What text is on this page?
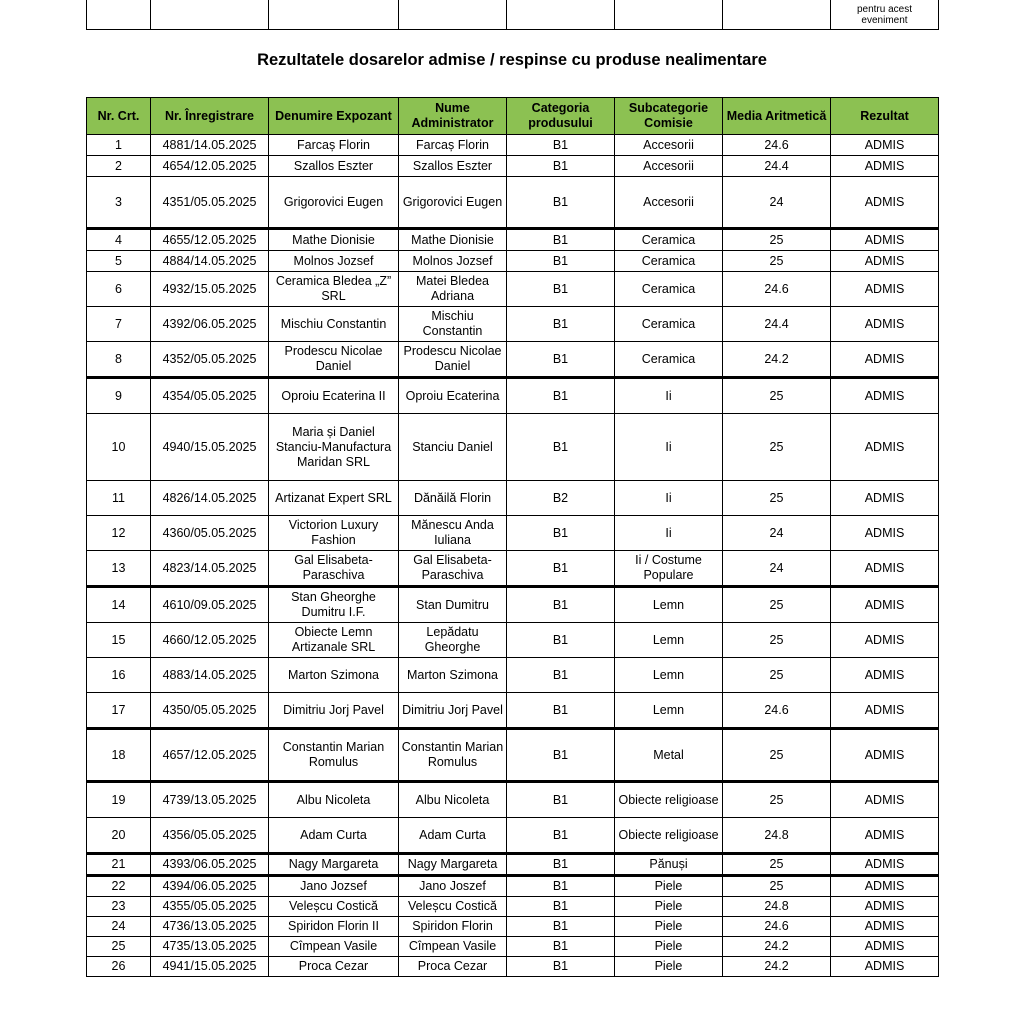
							pentru acest eveniment
Rezultatele dosarelor admise / respinse cu produse nealimentare
Nr. Crt.	Nr. Înregistrare	Denumire Expozant	Nume Administrator	Categoria produsului	Subcategorie Comisie	Media Aritmetică	Rezultat
1	4881/14.05.2025	Farcaș Florin	Farcaș Florin	B1	Accesorii	24.6	ADMIS
2	4654/12.05.2025	Szallos Eszter	Szallos Eszter	B1	Accesorii	24.4	ADMIS
3	4351/05.05.2025	Grigorovici Eugen	Grigorovici Eugen	B1	Accesorii	24	ADMIS
4	4655/12.05.2025	Mathe Dionisie	Mathe Dionisie	B1	Ceramica	25	ADMIS
5	4884/14.05.2025	Molnos Jozsef	Molnos Jozsef	B1	Ceramica	25	ADMIS
6	4932/15.05.2025	Ceramica Bledea „Z” SRL	Matei Bledea Adriana	B1	Ceramica	24.6	ADMIS
7	4392/06.05.2025	Mischiu Constantin	Mischiu Constantin	B1	Ceramica	24.4	ADMIS
8	4352/05.05.2025	Prodescu Nicolae Daniel	Prodescu Nicolae Daniel	B1	Ceramica	24.2	ADMIS
9	4354/05.05.2025	Oproiu Ecaterina II	Oproiu Ecaterina	B1	Ii	25	ADMIS
10	4940/15.05.2025	Maria și Daniel Stanciu-Manufactura Maridan SRL	Stanciu Daniel	B1	Ii	25	ADMIS
11	4826/14.05.2025	Artizanat Expert SRL	Dănăilă Florin	B2	Ii	25	ADMIS
12	4360/05.05.2025	Victorion Luxury Fashion	Mănescu Anda Iuliana	B1	Ii	24	ADMIS
13	4823/14.05.2025	Gal Elisabeta-Paraschiva	Gal Elisabeta-Paraschiva	B1	Ii / Costume Populare	24	ADMIS
14	4610/09.05.2025	Stan Gheorghe Dumitru I.F.	Stan Dumitru	B1	Lemn	25	ADMIS
15	4660/12.05.2025	Obiecte Lemn Artizanale SRL	Lepădatu Gheorghe	B1	Lemn	25	ADMIS
16	4883/14.05.2025	Marton Szimona	Marton Szimona	B1	Lemn	25	ADMIS
17	4350/05.05.2025	Dimitriu Jorj Pavel	Dimitriu Jorj Pavel	B1	Lemn	24.6	ADMIS
18	4657/12.05.2025	Constantin Marian Romulus	Constantin Marian Romulus	B1	Metal	25	ADMIS
19	4739/13.05.2025	Albu Nicoleta	Albu Nicoleta	B1	Obiecte religioase	25	ADMIS
20	4356/05.05.2025	Adam Curta	Adam Curta	B1	Obiecte religioase	24.8	ADMIS
21	4393/06.05.2025	Nagy Margareta	Nagy Margareta	B1	Pănuși	25	ADMIS
22	4394/06.05.2025	Jano Jozsef	Jano Joszef	B1	Piele	25	ADMIS
23	4355/05.05.2025	Veleșcu Costică	Veleșcu Costică	B1	Piele	24.8	ADMIS
24	4736/13.05.2025	Spiridon Florin II	Spiridon Florin	B1	Piele	24.6	ADMIS
25	4735/13.05.2025	Cîmpean Vasile	Cîmpean Vasile	B1	Piele	24.2	ADMIS
26	4941/15.05.2025	Proca Cezar	Proca Cezar	B1	Piele	24.2	ADMIS
